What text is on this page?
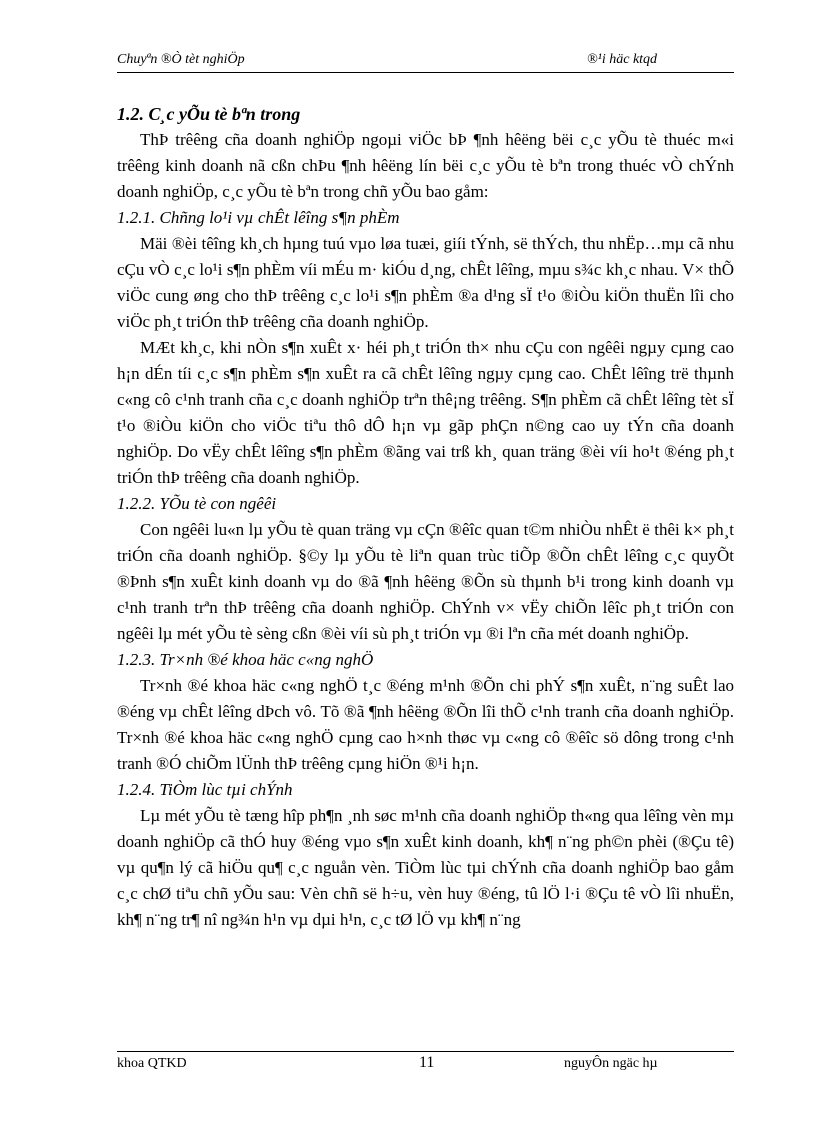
Chuyªn ®Ò tèt nghiÖp	®¹i häc ktqd

1.2. C¸c yÕu tè bªn trong

ThÞ trêêng cña doanh nghiÖp ngoµi viÖc bÞ ¶nh hêëng bëi c¸c yÕu tè thuéc m«i trêêng kinh doanh nã cßn chÞu ¶nh hêëng lín bëi c¸c yÕu tè bªn trong thuéc vÒ chÝnh doanh nghiÖp, c¸c yÕu tè bªn trong chñ yÕu bao gåm:

1.2.1. Chñng lo¹i vµ chÊt lêîng s¶n phÈm

Mäi ®èi têîng kh¸ch hµng tuú vµo løa tuæi, giíi tÝnh, së thÝch, thu nhËp…mµ cã nhu cÇu vÒ c¸c lo¹i s¶n phÈm víi mÉu m· kiÓu d¸ng, chÊt lêîng, mµu s¾c kh¸c nhau. V× thÕ viÖc cung øng cho thÞ trêêng c¸c lo¹i s¶n phÈm ®a d¹ng sÏ t¹o ®iÒu kiÖn thuËn lîi cho viÖc ph¸t triÓn thÞ trêêng cña doanh nghiÖp.

MÆt kh¸c, khi nÒn s¶n xuÊt x· héi ph¸t triÓn th× nhu cÇu con ngêêi ngµy cµng cao h¡n dÉn tíi c¸c s¶n phÈm s¶n xuÊt ra cã chÊt lêîng ngµy cµng cao. ChÊt lêîng trë thµnh c«ng cô c¹nh tranh cña c¸c doanh nghiÖp trªn thê¡ng trêêng. S¶n phÈm cã chÊt lêîng tèt sÏ t¹o ®iÒu kiÖn cho viÖc tiªu thô dÔ h¡n vµ gãp phÇn n©ng cao uy tÝn cña doanh nghiÖp. Do vËy chÊt lêîng s¶n phÈm ®ãng vai trß kh¸ quan träng ®èi víi ho¹t ®éng ph¸t triÓn thÞ trêêng cña doanh nghiÖp.

1.2.2. YÕu tè con ngêêi

Con ngêêi lu«n lµ yÕu tè quan träng vµ cÇn ®êîc quan t©m nhiÒu nhÊt ë thêi k× ph¸t triÓn cña doanh nghiÖp. §©y lµ yÕu tè liªn quan trùc tiÕp ®Õn chÊt lêîng c¸c quyÕt ®Þnh s¶n xuÊt kinh doanh vµ do ®ã ¶nh hêëng ®Õn sù thµnh b¹i trong kinh doanh vµ c¹nh tranh trªn thÞ trêêng cña doanh nghiÖp. ChÝnh v× vËy chiÕn lêîc ph¸t triÓn con ngêêi lµ mét yÕu tè sèng cßn ®èi víi sù ph¸t triÓn vµ ®i lªn cña mét doanh nghiÖp.

1.2.3. Tr×nh ®é khoa häc c«ng nghÖ

Tr×nh ®é khoa häc c«ng nghÖ t¸c ®éng m¹nh ®Õn chi phÝ s¶n xuÊt, n¨ng suÊt lao ®éng vµ chÊt lêîng dÞch vô. Tõ ®ã ¶nh hêëng ®Õn lîi thÕ c¹nh tranh cña doanh nghiÖp. Tr×nh ®é khoa häc c«ng nghÖ cµng cao h×nh thøc vµ c«ng cô ®êîc sö dông trong c¹nh tranh ®Ó chiÕm lÜnh thÞ trêêng cµng hiÖn ®¹i h¡n.

1.2.4. TiÒm lùc tµi chÝnh

Lµ mét yÕu tè tæng hîp ph¶n ¸nh søc m¹nh cña doanh nghiÖp th«ng qua lêîng vèn mµ doanh nghiÖp cã thÓ huy ®éng vµo s¶n xuÊt kinh doanh, kh¶ n¨ng ph©n phèi (®Çu tê) vµ qu¶n lý cã hiÖu qu¶ c¸c nguån vèn. TiÒm lùc tµi chÝnh cña doanh nghiÖp bao gåm c¸c chØ tiªu chñ yÕu sau: Vèn chñ së h÷u, vèn huy ®éng, tû lÖ l·i ®Çu tê vÒ lîi nhuËn, kh¶ n¨ng tr¶ nî ng¾n h¹n vµ dµi h¹n, c¸c tØ lÖ vµ kh¶ n¨ng

khoa QTKD	11	nguyÔn ngäc hµ
